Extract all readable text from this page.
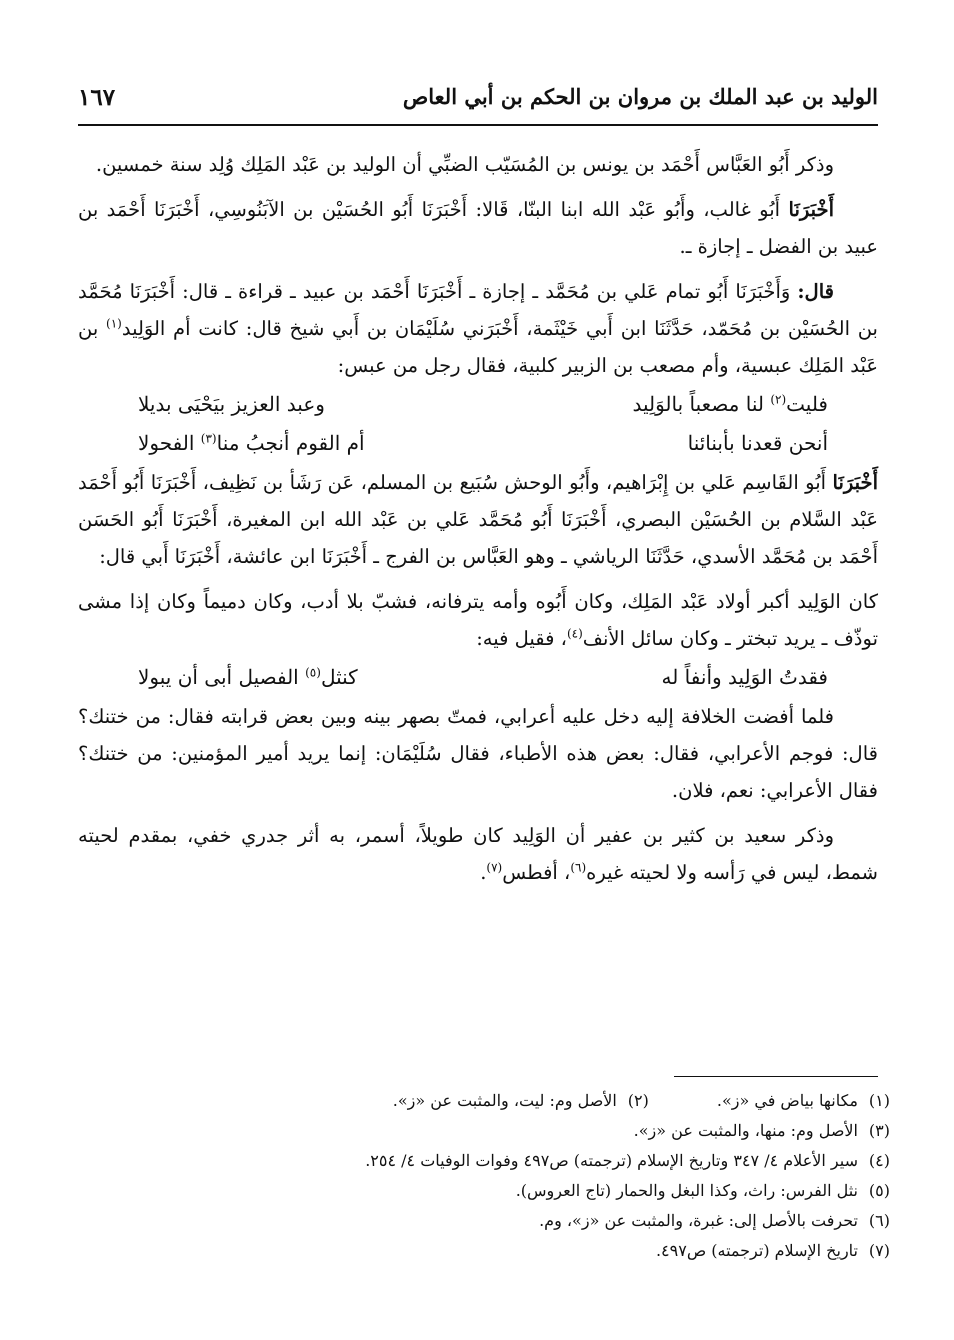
الوليد بن عبد الملك بن مروان بن الحكم بن أبي العاص
١٦٧

وذكر أَبُو العَبَّاس أَحْمَد بن يونس بن المُسَيّب الضبِّي أن الوليد بن عَبْد المَلِك وُلِد سنة خمسين.

أَخْبَرَنَا أَبُو غالب، وأَبُو عَبْد الله ابنا البنّا، قَالا: أَخْبَرَنَا أَبُو الحُسَيْن بن الآبَنُوسِي، أَخْبَرَنَا أَحْمَد بن عبيد بن الفضل ـ إجازة ـ.

قال: وَأَخْبَرَنَا أَبُو تمام عَلي بن مُحَمَّد ـ إجازة ـ أَخْبَرَنَا أَحْمَد بن عبيد ـ قراءة ـ قال: أَخْبَرَنَا مُحَمَّد بن الحُسَيْن بن مُحَمّد، حَدَّثَنَا ابن أَبي خَيْثَمة، أَخْبَرَني سُلَيْمَان بن أَبي شيخ قال: كانت أم الوَلِيد$^{(١)}$ بن عَبْد المَلِك عبسية، وأم مصعب بن الزبير كلبية، فقال رجل من عبس:

فليت$^{(٢)}$ لنا مصعباً بالوَلِيد
وعبد العزيز بيَحْيَى بديلا
أنحن قعدنا بأبنائنا
أم القوم أنجبُ منا$^{(٣)}$ الفحولا

أَخْبَرَنَا أَبُو القَاسِم عَلي بن إِبْرَاهيم، وأَبُو الوحش سُبَيع بن المسلم، عَن رَشَأ بن نَظِيف، أَخْبَرَنَا أَبُو أَحْمَد عَبْد السَّلام بن الحُسَيْن البصري، أَخْبَرَنَا أَبُو مُحَمَّد عَلي بن عَبْد الله ابن المغيرة، أَخْبَرَنَا أَبُو الحَسَن أَحْمَد بن مُحَمَّد الأسدي، حَدَّثَنَا الرياشي ـ وهو العَبَّاس بن الفرج ـ أَخْبَرَنَا ابن عائشة، أَخْبَرَنَا أَبي قال:

كان الوَلِيد أكبر أولاد عَبْد المَلِك، وكان أَبُوه وأمه يترفانه، فشبّ بلا أدب، وكان دميماً وكان إذا مشى توذّف ـ يريد تبختر ـ وكان سائل الأنف$^{(٤)}$، فقيل فيه:

فقدتُ الوَلِيد وأنفاً له
كنثل$^{(٥)}$ الفصيل أبى أن يبولا

فلما أفضت الخلافة إليه دخل عليه أعرابي، فمتّ بصهر بينه وبين بعض قرابته فقال: من ختنك؟ قال: فوجم الأعرابي، فقال: بعض هذه الأطباء، فقال سُلَيْمَان: إنما يريد أمير المؤمنين: من ختنك؟ فقال الأعرابي: نعم، فلان.

وذكر سعيد بن كثير بن عفير أن الوَلِيد كان طويلاً، أسمر، به أثر جدري خفي، بمقدم لحيته شمط، ليس في رَأسه ولا لحيته غيره$^{(٦)}$، أفطس$^{(٧)}$.

(١)مكانها بياض في «ز».
(٢)الأصل وم: ليت، والمثبت عن «ز».
(٣)الأصل وم: منها، والمثبت عن «ز».
(٤)سير الأعلام ٤/ ٣٤٧ وتاريخ الإسلام (ترجمته) ص٤٩٧ وفوات الوفيات ٤/ ٢٥٤.
(٥)نثل الفرس: راث، وكذا البغل والحمار (تاج العروس).
(٦)تحرفت بالأصل إلى: غبرة، والمثبت عن «ز»، وم.
(٧)تاريخ الإسلام (ترجمته) ص٤٩٧.
